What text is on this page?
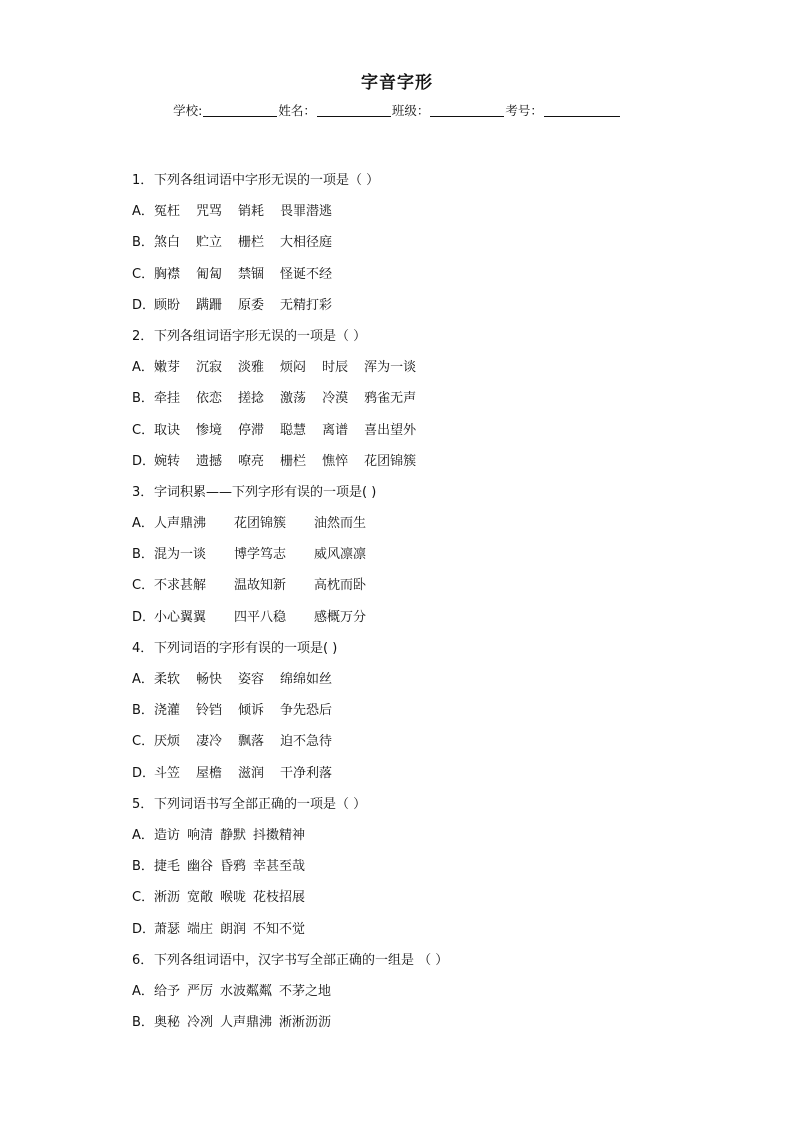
字音字形
学校:	姓名：	班级：	考号：
1．下列各组词语中字形无误的一项是（ ）
A．冤枉 咒骂 销耗 畏罪潜逃
B．煞白 贮立 栅栏 大相径庭
C．胸襟 匍匐 禁锢 怪诞不经
D．顾盼 蹒跚 原委 无精打彩
2．下列各组词语字形无误的一项是（ ）
A．嫩芽 沉寂 淡雅 烦闷 时辰 浑为一谈
B．牵挂 依恋 搓捻 激荡 冷漠 鸦雀无声
C．取诀 惨境 停滞 聪慧 离谱 喜出望外
D．婉转 遗撼 嘹亮 栅栏 憔悴 花团锦簇
3．字词积累——下列字形有误的一项是( )
A．人声鼎沸 花团锦簇 油然而生
B．混为一谈 博学笃志 威风凛凛
C．不求甚解 温故知新 高枕而卧
D．小心翼翼 四平八稳 感概万分
4．下列词语的字形有误的一项是( )
A．柔软 畅快 姿容 绵绵如丝
B．浇灌 铃铛 倾诉 争先恐后
C．厌烦 凄冷 飘落 迫不急待
D．斗笠 屋檐 滋润 干净利落
5．下列词语书写全部正确的一项是（ ）
A．造访 响清 静默 抖擞精神
B．捷毛 幽谷 昏鸦 幸甚至哉
C．淅沥 宽敞 喉咙 花枝招展
D．萧瑟 端庄 朗润 不知不觉
6．下列各组词语中，汉字书写全部正确的一组是 （ ）
A．给予 严厉 水波粼粼 不茅之地
B．奥秘 冷冽 人声鼎沸 淅淅沥沥
